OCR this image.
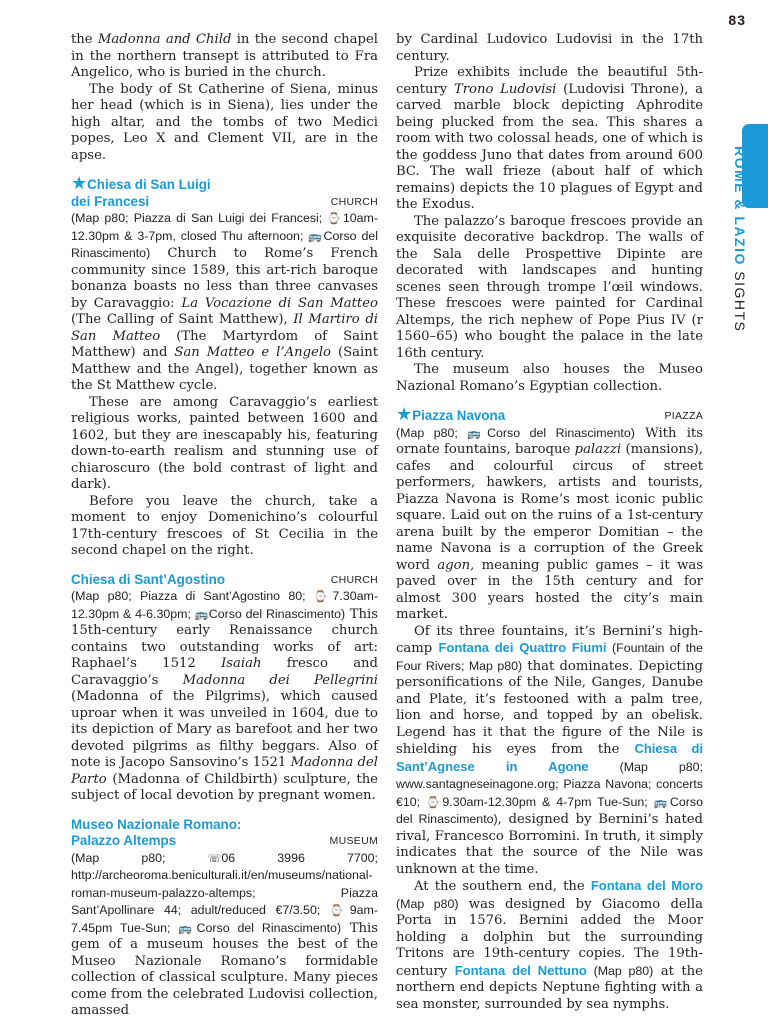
83
ROME & LAZIO SIGHTS

the Madonna and Child in the second chapel in the northern transept is attributed to Fra Angelico, who is buried in the church.

The body of St Catherine of Siena, minus her head (which is in Siena), lies under the high altar, and the tombs of two Medici popes, Leo X and Clement VII, are in the apse.

★Chiesa di San Luigi
dei Francesi	CHURCH

(Map p80; Piazza di San Luigi dei Francesi; ⌚10am-12.30pm & 3-7pm, closed Thu afternoon; 🚌Corso del Rinascimento) Church to Rome’s French community since 1589, this art-rich baroque bonanza boasts no less than three canvases by Caravaggio: La Vocazione di San Matteo (The Calling of Saint Matthew), Il Martiro di San Matteo (The Martyrdom of Saint Matthew) and San Matteo e l’Angelo (Saint Matthew and the Angel), together known as the St Matthew cycle.

These are among Caravaggio’s earliest religious works, painted between 1600 and 1602, but they are inescapably his, featuring down-to-earth realism and stunning use of chiaroscuro (the bold contrast of light and dark).

Before you leave the church, take a moment to enjoy Domenichino’s colourful 17th-century frescoes of St Cecilia in the second chapel on the right.

Chiesa di Sant’Agostino	CHURCH

(Map p80; Piazza di Sant’Agostino 80; ⌚7.30am-12.30pm & 4-6.30pm; 🚌Corso del Rinascimento) This 15th-century early Renaissance church contains two outstanding works of art: Raphael’s 1512 Isaiah fresco and Caravaggio’s Madonna dei Pellegrini (Madonna of the Pilgrims), which caused uproar when it was unveiled in 1604, due to its depiction of Mary as barefoot and her two devoted pilgrims as filthy beggars. Also of note is Jacopo Sansovino’s 1521 Madonna del Parto (Madonna of Childbirth) sculpture, the subject of local devotion by pregnant women.

Museo Nazionale Romano:
Palazzo Altemps	MUSEUM

(Map p80; ☏06 3996 7700; http://archeoroma.beniculturali.it/en/museums/national-roman-museum-palazzo-altemps; Piazza Sant’Apollinare 44; adult/reduced €7/3.50; ⌚9am-7.45pm Tue-Sun; 🚌Corso del Rinascimento) This gem of a museum houses the best of the Museo Nazionale Romano’s formidable collection of classical sculpture. Many pieces come from the celebrated Ludovisi collection, amassed

by Cardinal Ludovico Ludovisi in the 17th century.

Prize exhibits include the beautiful 5th-century Trono Ludovisi (Ludovisi Throne), a carved marble block depicting Aphrodite being plucked from the sea. This shares a room with two colossal heads, one of which is the goddess Juno that dates from around 600 BC. The wall frieze (about half of which remains) depicts the 10 plagues of Egypt and the Exodus.

The palazzo’s baroque frescoes provide an exquisite decorative backdrop. The walls of the Sala delle Prospettive Dipinte are decorated with landscapes and hunting scenes seen through trompe l’œil windows. These frescoes were painted for Cardinal Altemps, the rich nephew of Pope Pius IV (r 1560–65) who bought the palace in the late 16th century.

The museum also houses the Museo Nazional Romano’s Egyptian collection.

★Piazza Navona	PIAZZA

(Map p80; 🚌Corso del Rinascimento) With its ornate fountains, baroque palazzi (mansions), cafes and colourful circus of street performers, hawkers, artists and tourists, Piazza Navona is Rome’s most iconic public square. Laid out on the ruins of a 1st-century arena built by the emperor Domitian – the name Navona is a corruption of the Greek word agon, meaning public games – it was paved over in the 15th century and for almost 300 years hosted the city’s main market.

Of its three fountains, it’s Bernini’s high-camp Fontana dei Quattro Fiumi (Fountain of the Four Rivers; Map p80) that dominates. Depicting personifications of the Nile, Ganges, Danube and Plate, it’s festooned with a palm tree, lion and horse, and topped by an obelisk. Legend has it that the figure of the Nile is shielding his eyes from the Chiesa di Sant’Agnese in Agone (Map p80; www.santagneseinagone.org; Piazza Navona; concerts €10; ⌚9.30am-12.30pm & 4-7pm Tue-Sun; 🚌Corso del Rinascimento), designed by Bernini’s hated rival, Francesco Borromini. In truth, it simply indicates that the source of the Nile was unknown at the time.

At the southern end, the Fontana del Moro (Map p80) was designed by Giacomo della Porta in 1576. Bernini added the Moor holding a dolphin but the surrounding Tritons are 19th-century copies. The 19th-century Fontana del Nettuno (Map p80) at the northern end depicts Neptune fighting with a sea monster, surrounded by sea nymphs.
